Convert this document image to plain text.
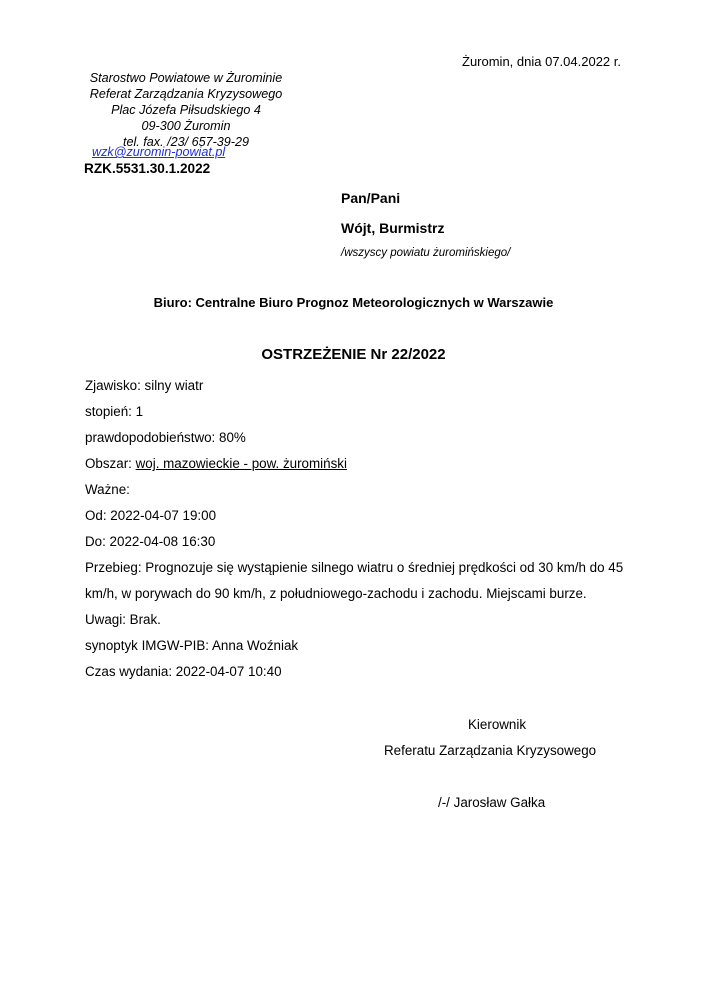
Żuromin, dnia 07.04.2022 r.
Starostwo Powiatowe w Żurominie
Referat Zarządzania Kryzysowego
Plac Józefa Piłsudskiego 4
09-300 Żuromin
tel. fax. /23/ 657-39-29
wzk@zuromin-powiat.pl
RZK.5531.30.1.2022
Pan/Pani
Wójt, Burmistrz
/wszyscy powiatu żuromińskiego/
Biuro: Centralne Biuro Prognoz Meteorologicznych w Warszawie
OSTRZEŻENIE Nr 22/2022
Zjawisko: silny wiatr
stopień: 1
prawdopodobieństwo: 80%
Obszar: woj. mazowieckie - pow. żuromiński
Ważne:
Od: 2022-04-07 19:00
Do: 2022-04-08 16:30
Przebieg: Prognozuje się wystąpienie silnego wiatru o średniej prędkości od 30 km/h do 45
km/h, w porywach do 90 km/h, z południowego-zachodu i zachodu. Miejscami burze.
Uwagi: Brak.
synoptyk IMGW-PIB: Anna Woźniak
Czas wydania: 2022-04-07 10:40
Kierownik
Referatu Zarządzania Kryzysowego
/-/ Jarosław Gałka
